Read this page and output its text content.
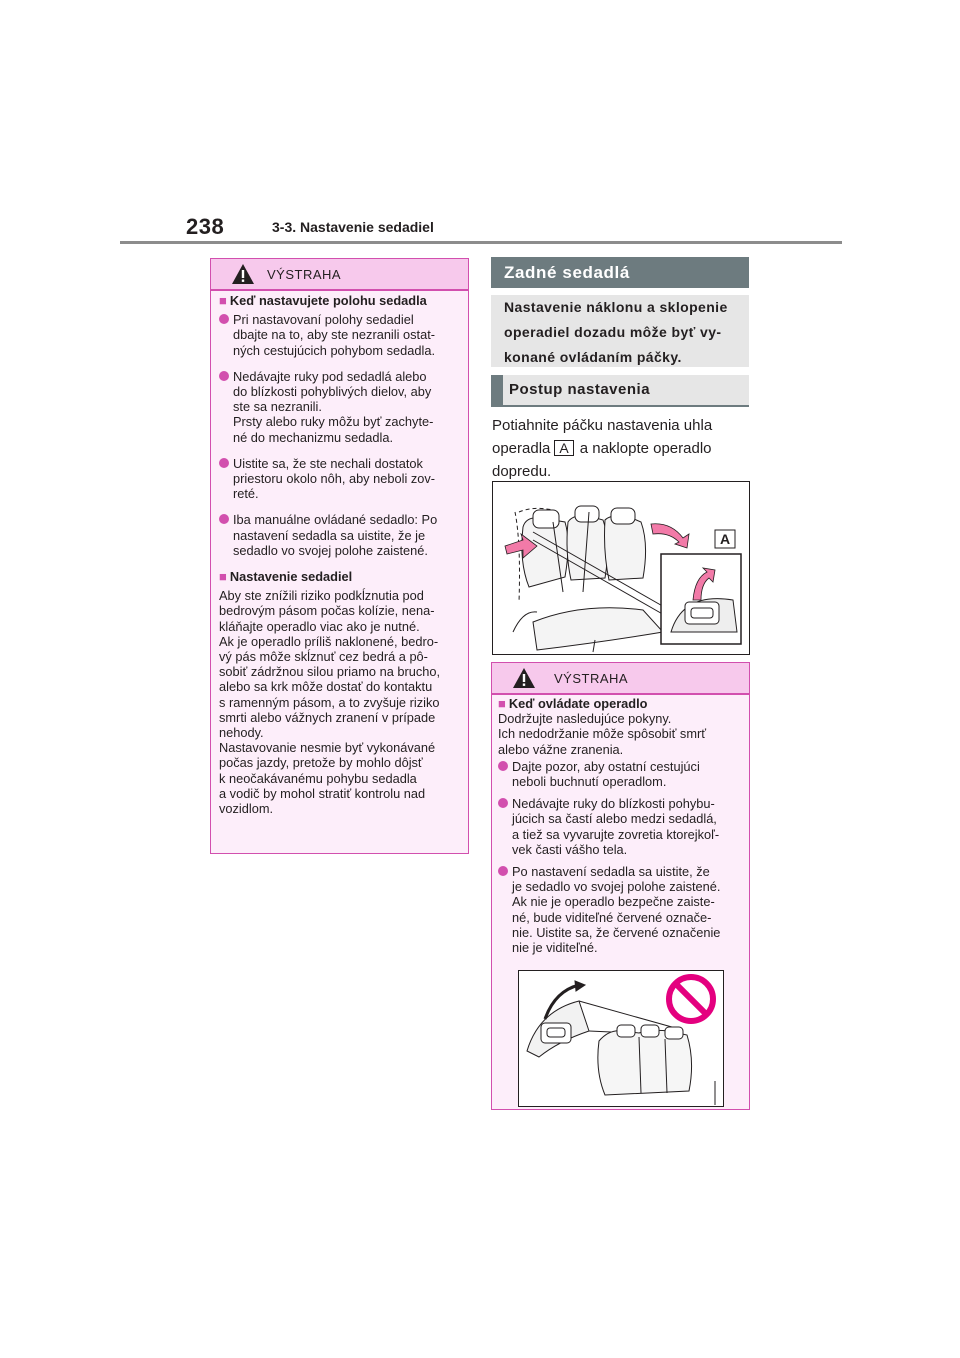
238	3-3. Nastavenie sedadiel
VÝSTRAHA
■ Keď nastavujete polohu sedadla
Pri nastavovaní polohy sedadiel
dbajte na to, aby ste nezranili ostat-
ných cestujúcich pohybom sedadla.
Nedávajte ruky pod sedadlá alebo
do blízkosti pohyblivých dielov, aby
ste sa nezranili.
Prsty alebo ruky môžu byť zachyte-
né do mechanizmu sedadla.
Uistite sa, že ste nechali dostatok
priestoru okolo nôh, aby neboli zov-
reté.
Iba manuálne ovládané sedadlo: Po
nastavení sedadla sa uistite, že je
sedadlo vo svojej polohe zaistené.
■ Nastavenie sedadiel
Aby ste znížili riziko podkĺznutia pod
bedrovým pásom počas kolízie, nena-
kláňajte operadlo viac ako je nutné.
Ak je operadlo príliš naklonené, bedro-
vý pás môže skĺznuť cez bedrá a pô-
sobiť zádržnou silou priamo na brucho,
alebo sa krk môže dostať do kontaktu
s ramenným pásom, a to zvyšuje riziko
smrti alebo vážnych zranení v prípade
nehody.
Nastavovanie nesmie byť vykonávané
počas jazdy, pretože by mohlo dôjsť
k neočakávanému pohybu sedadla
a vodič by mohol stratiť kontrolu nad
vozidlom.
Zadné sedadlá
Nastavenie náklonu a sklopenie
operadiel dozadu môže byť vy-
konané ovládaním páčky.
Postup nastavenia
Potiahnite páčku nastavenia uhla
operadla A a naklopte operadlo
dopredu.
A
VÝSTRAHA
■ Keď ovládate operadlo
Dodržujte nasledujúce pokyny.
Ich nedodržanie môže spôsobiť smrť
alebo vážne zranenia.
Dajte pozor, aby ostatní cestujúci
neboli buchnutí operadlom.
Nedávajte ruky do blízkosti pohybu-
júcich sa častí alebo medzi sedadlá,
a tiež sa vyvarujte zovretia ktorejkoľ-
vek časti vášho tela.
Po nastavení sedadla sa uistite, že
je sedadlo vo svojej polohe zaistené.
Ak nie je operadlo bezpečne zaiste-
né, bude viditeľné červené označe-
nie. Uistite sa, že červené označenie
nie je viditeľné.
